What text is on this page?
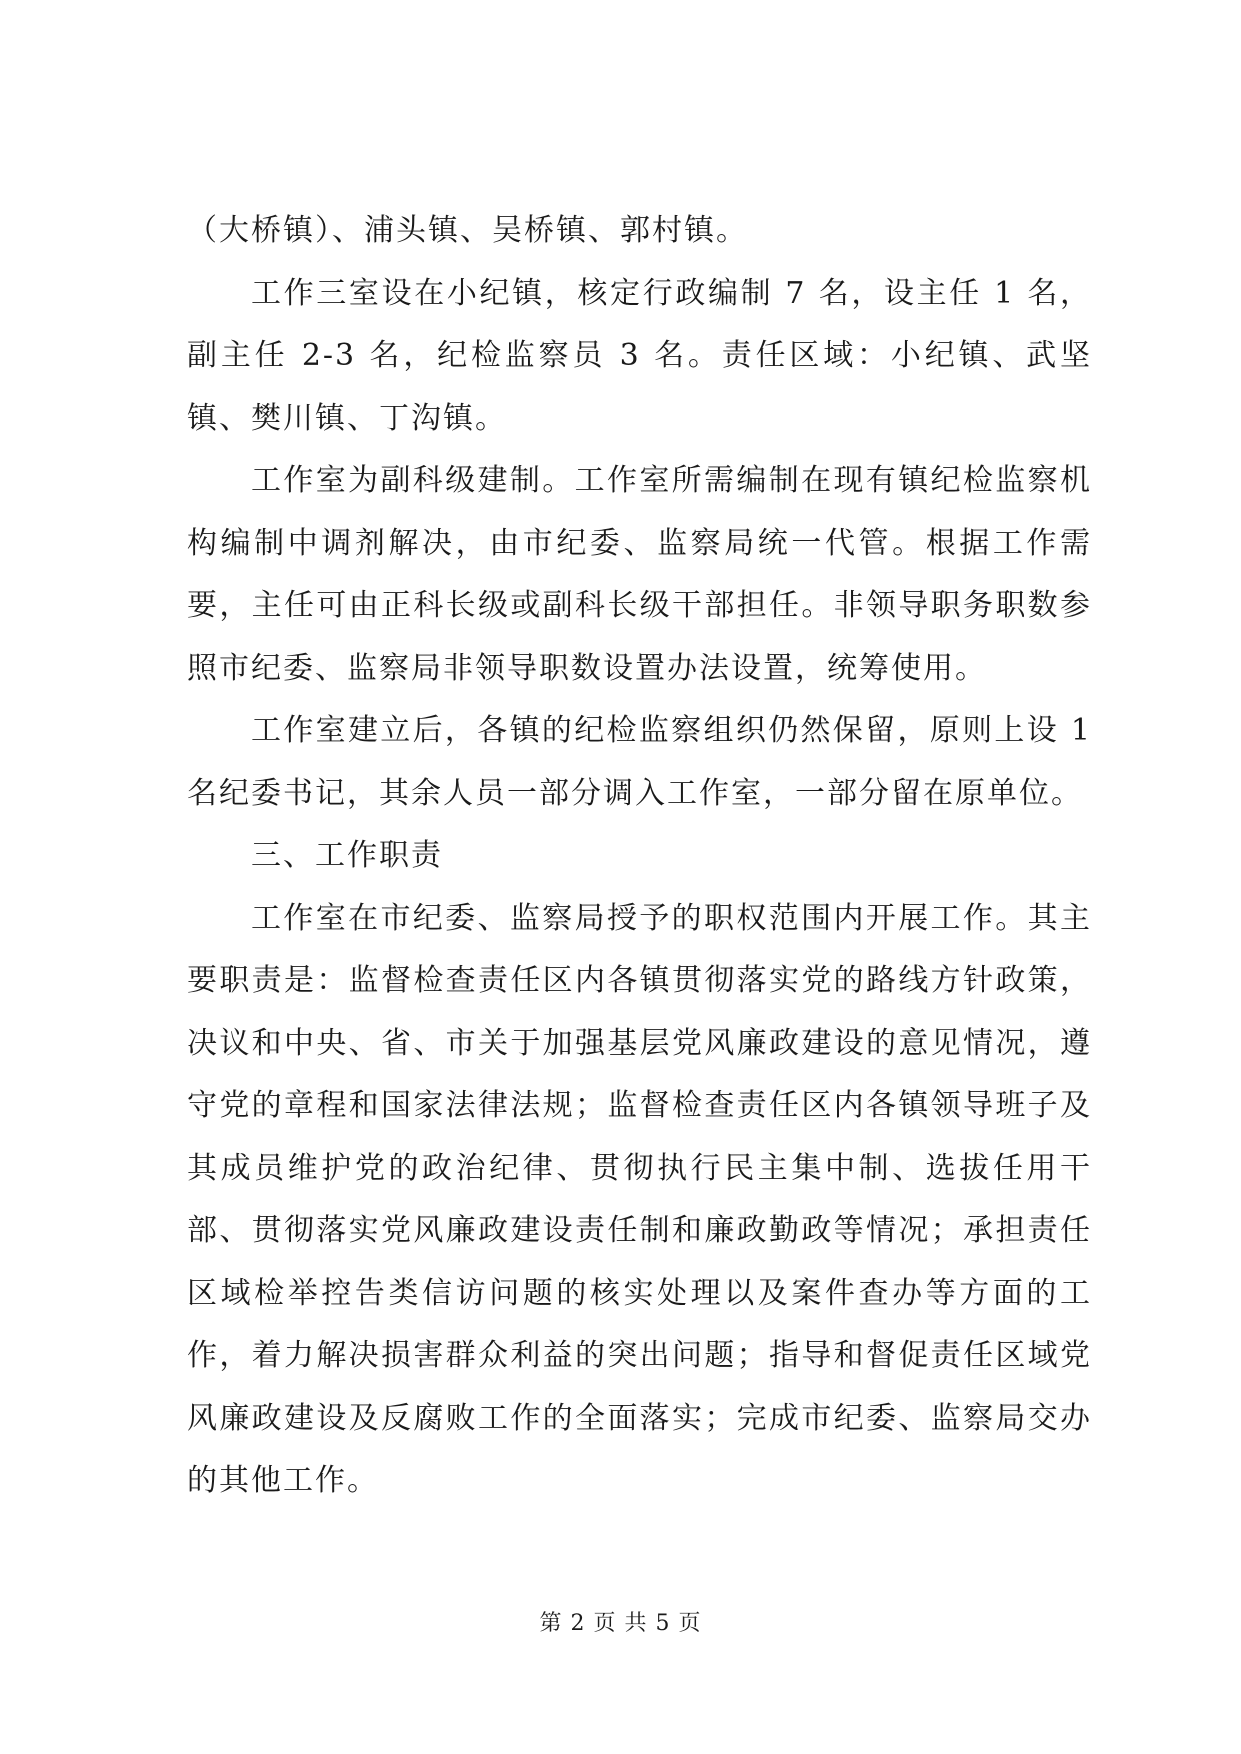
（大桥镇）、浦头镇、吴桥镇、郭村镇。

工作三室设在小纪镇，核定行政编制 7 名，设主任 1 名，副主任 2-3 名，纪检监察员 3 名。责任区域：小纪镇、武坚镇、樊川镇、丁沟镇。

工作室为副科级建制。工作室所需编制在现有镇纪检监察机构编制中调剂解决，由市纪委、监察局统一代管。根据工作需要，主任可由正科长级或副科长级干部担任。非领导职务职数参照市纪委、监察局非领导职数设置办法设置，统筹使用。

工作室建立后，各镇的纪检监察组织仍然保留，原则上设 1 名纪委书记，其余人员一部分调入工作室，一部分留在原单位。

三、工作职责

工作室在市纪委、监察局授予的职权范围内开展工作。其主要职责是：监督检查责任区内各镇贯彻落实党的路线方针政策，决议和中央、省、市关于加强基层党风廉政建设的意见情况，遵守党的章程和国家法律法规；监督检查责任区内各镇领导班子及其成员维护党的政治纪律、贯彻执行民主集中制、选拔任用干部、贯彻落实党风廉政建设责任制和廉政勤政等情况；承担责任区域检举控告类信访问题的核实处理以及案件查办等方面的工作，着力解决损害群众利益的突出问题；指导和督促责任区域党风廉政建设及反腐败工作的全面落实；完成市纪委、监察局交办的其他工作。

第 2 页 共 5 页
